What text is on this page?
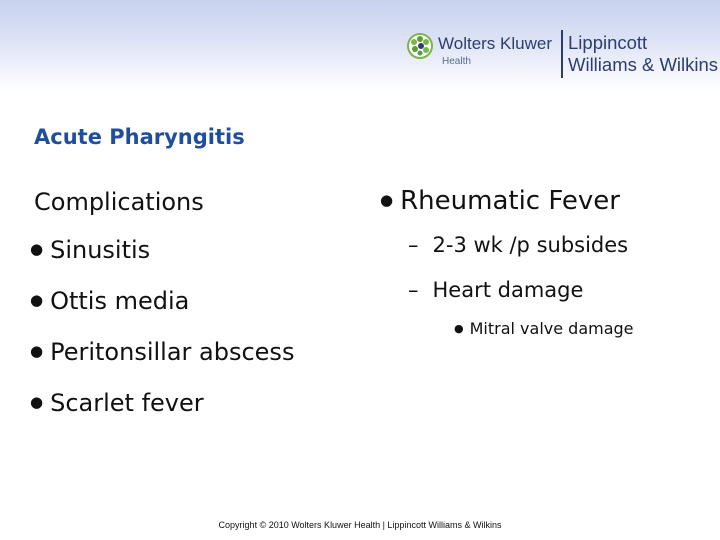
Wolters Kluwer
Health
Lippincott
Williams & Wilkins
Acute Pharyngitis
Complications
● Sinusitis
● Ottis media
● Peritonsillar abscess
● Scarlet fever
● Rheumatic Fever
– 2-3 wk /p subsides
– Heart damage
● Mitral valve damage
Copyright © 2010 Wolters Kluwer Health | Lippincott Williams & Wilkins
